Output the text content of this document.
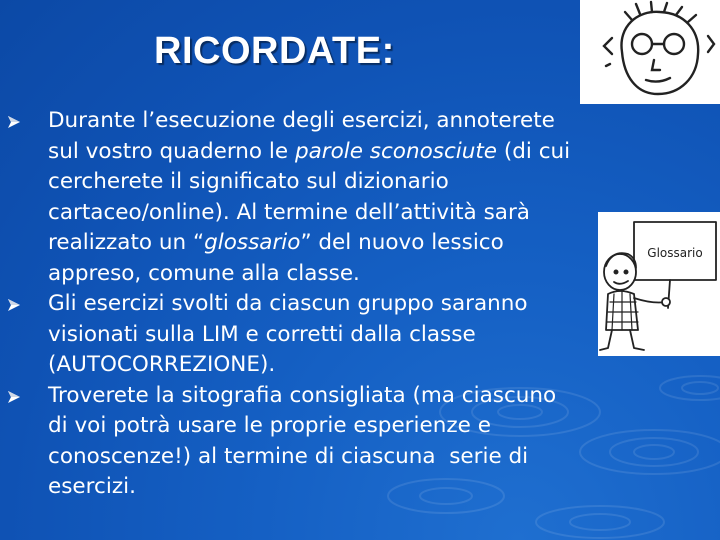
RICORDATE:
Glossario
Durante l’esecuzione degli esercizi, annoterete
sul vostro quaderno le parole sconosciute (di cui
cercherete il significato sul dizionario
cartaceo/online). Al termine dell’attività sarà
realizzato un “glossario” del nuovo lessico
appreso, comune alla classe.
Gli esercizi svolti da ciascun gruppo saranno
visionati sulla LIM e corretti dalla classe
(AUTOCORREZIONE).
Troverete la sitografia consigliata (ma ciascuno
di voi potrà usare le proprie esperienze e
conoscenze!) al termine di ciascuna  serie di
esercizi.
